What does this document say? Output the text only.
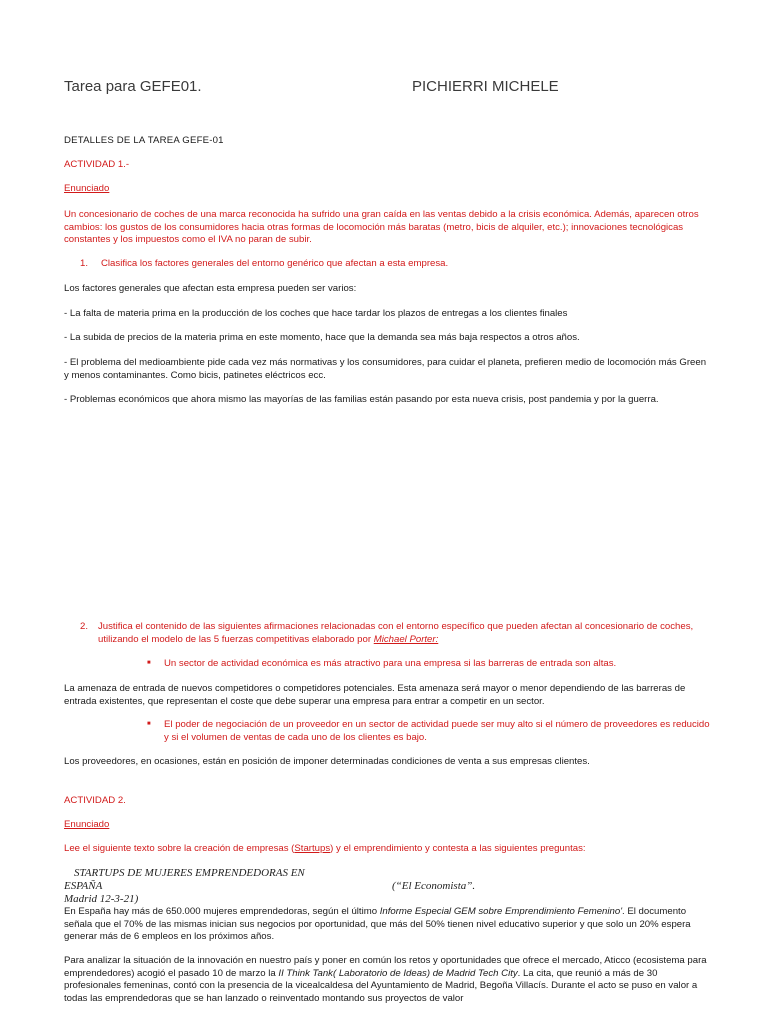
Tarea para GEFE01.	PICHIERRI MICHELE
DETALLES DE LA TAREA GEFE-01
ACTIVIDAD 1.-
Enunciado

Un concesionario de coches de una marca reconocida ha sufrido una gran caída en las ventas debido a la crisis económica. Además, aparecen otros cambios: los gustos de los consumidores hacia otras formas de locomoción más baratas (metro, bicis de alquiler, etc.); innovaciones tecnológicas constantes y los impuestos como el IVA no paran de subir.

1. Clasifica los factores generales del entorno genérico que afectan a esta empresa.

Los factores generales que afectan esta empresa pueden ser varios:

- La falta de materia prima en la producción de los coches que hace tardar los plazos de entregas a los clientes finales

- La subida de precios de la materia prima en este momento, hace que la demanda sea más baja respectos a otros años.

- El problema del medioambiente pide cada vez más normativas y los consumidores, para cuidar el planeta, prefieren medio de locomoción más Green y menos contaminantes. Como bicis, patinetes eléctricos ecc.

- Problemas económicos que ahora mismo las mayorías de las familias están pasando por esta nueva crisis, post pandemia y por la guerra.

2. Justifica el contenido de las siguientes afirmaciones relacionadas con el entorno específico que pueden afectan al concesionario de coches, utilizando el modelo de las 5 fuerzas competitivas elaborado por Michael Porter:

■ Un sector de actividad económica es más atractivo para una empresa si las barreras de entrada son altas.

La amenaza de entrada de nuevos competidores o competidores potenciales. Esta amenaza será mayor o menor dependiendo de las barreras de entrada existentes, que representan el coste que debe superar una empresa para entrar a competir en un sector.

■ El poder de negociación de un proveedor en un sector de actividad puede ser muy alto si el número de proveedores es reducido y si el volumen de ventas de cada uno de los clientes es bajo.

Los proveedores, en ocasiones, están en posición de imponer determinadas condiciones de venta a sus empresas clientes.

ACTIVIDAD 2.
Enunciado

Lee el siguiente texto sobre la creación de empresas (Startups) y el emprendimiento y contesta a las siguientes preguntas:

STARTUPS DE MUJERES EMPRENDEDORAS EN
ESPAÑA	(“El Economista”.
Madrid 12-3-21)

En España hay más de 650.000 mujeres emprendedoras, según el último Informe Especial GEM sobre Emprendimiento Femenino'. El documento señala que el 70% de las mismas inician sus negocios por oportunidad, que más del 50% tienen nivel educativo superior y que solo un 20% espera generar más de 6 empleos en los próximos años.

Para analizar la situación de la innovación en nuestro país y poner en común los retos y oportunidades que ofrece el mercado, Aticco (ecosistema para emprendedores) acogió el pasado 10 de marzo la II Think Tank( Laboratorio de Ideas) de Madrid Tech City. La cita, que reunió a más de 30 profesionales femeninas, contó con la presencia de la vicealcaldesa del Ayuntamiento de Madrid, Begoña Villacís. Durante el acto se puso en valor a todas las emprendedoras que se han lanzado o reinventado montando sus proyectos de valor
